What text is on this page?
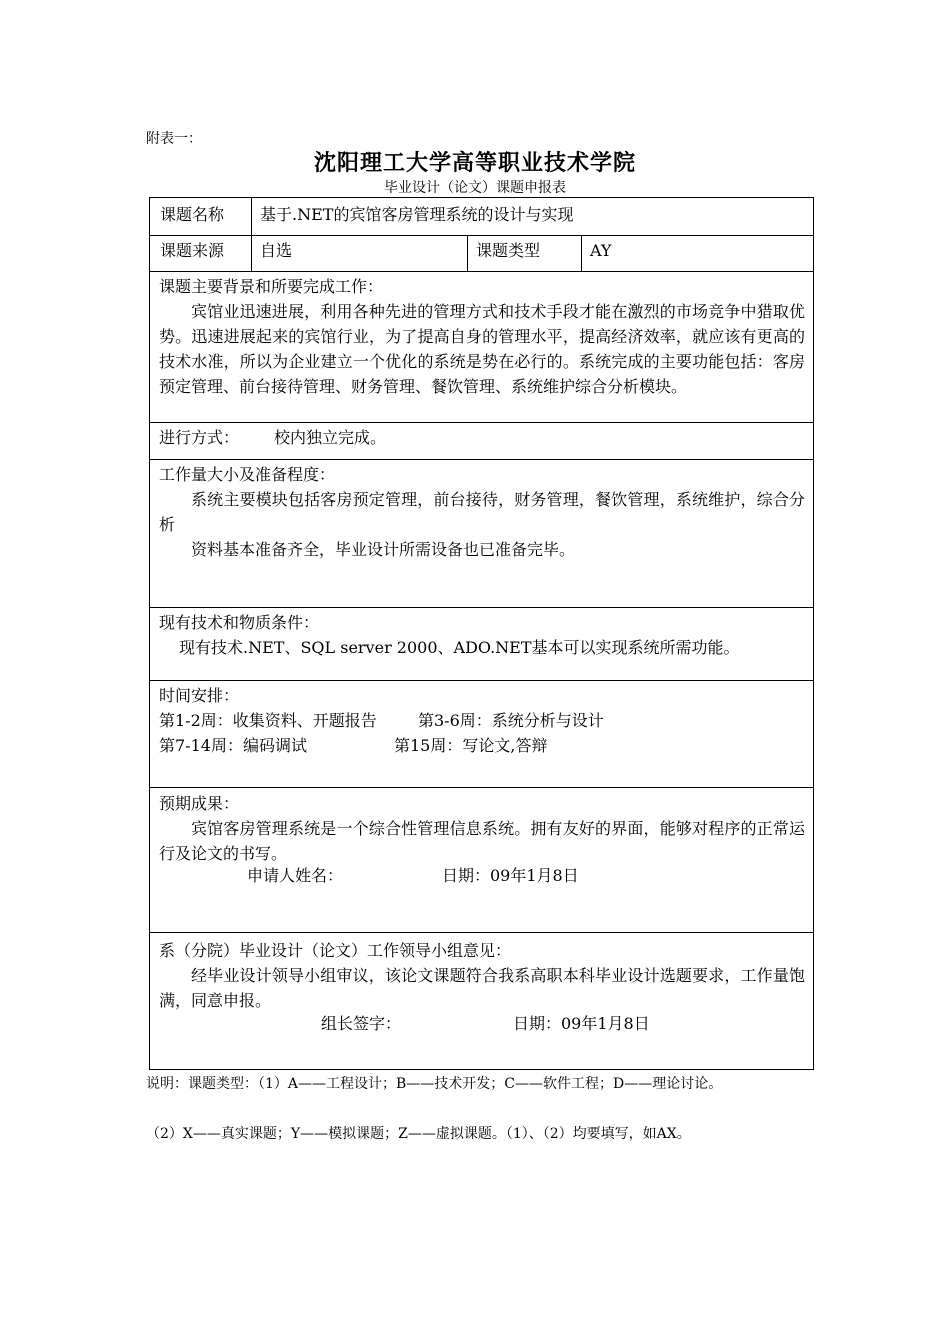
附表一：
沈阳理工大学高等职业技术学院
毕业设计（论文）课题申报表
课题名称 基于.NET的宾馆客房管理系统的设计与实现
课题来源 自选	课题类型	AY
课题主要背景和所要完成工作：
宾馆业迅速进展，利用各种先进的管理方式和技术手段才能在激烈的市场竞争中猎取优势。迅速进展起来的宾馆行业，为了提高自身的管理水平，提高经济效率，就应该有更高的技术水准，所以为企业建立一个优化的系统是势在必行的。系统完成的主要功能包括：客房预定管理、前台接待管理、财务管理、餐饮管理、系统维护综合分析模块。
进行方式： 校内独立完成。
工作量大小及准备程度：
系统主要模块包括客房预定管理，前台接待，财务管理，餐饮管理，系统维护，综合分析
资料基本准备齐全，毕业设计所需设备也已准备完毕。
现有技术和物质条件：
现有技术.NET、SQL server 2000、ADO.NET基本可以实现系统所需功能。
时间安排：
第1-2周：收集资料、开题报告	第3-6周：系统分析与设计
第7-14周：编码调试	第15周：写论文,答辩
预期成果：
宾馆客房管理系统是一个综合性管理信息系统。拥有友好的界面，能够对程序的正常运行及论文的书写。
申请人姓名：	日期：09年1月8日
系（分院）毕业设计（论文）工作领导小组意见：
经毕业设计领导小组审议，该论文课题符合我系高职本科毕业设计选题要求，工作量饱满，同意申报。
组长签字：	日期：09年1月8日
说明：课题类型：（1）A——工程设计；B——技术开发；C——软件工程；D——理论讨论。
（2）X——真实课题；Y——模拟课题；Z——虚拟课题。（1）、（2）均要填写，如AX。
